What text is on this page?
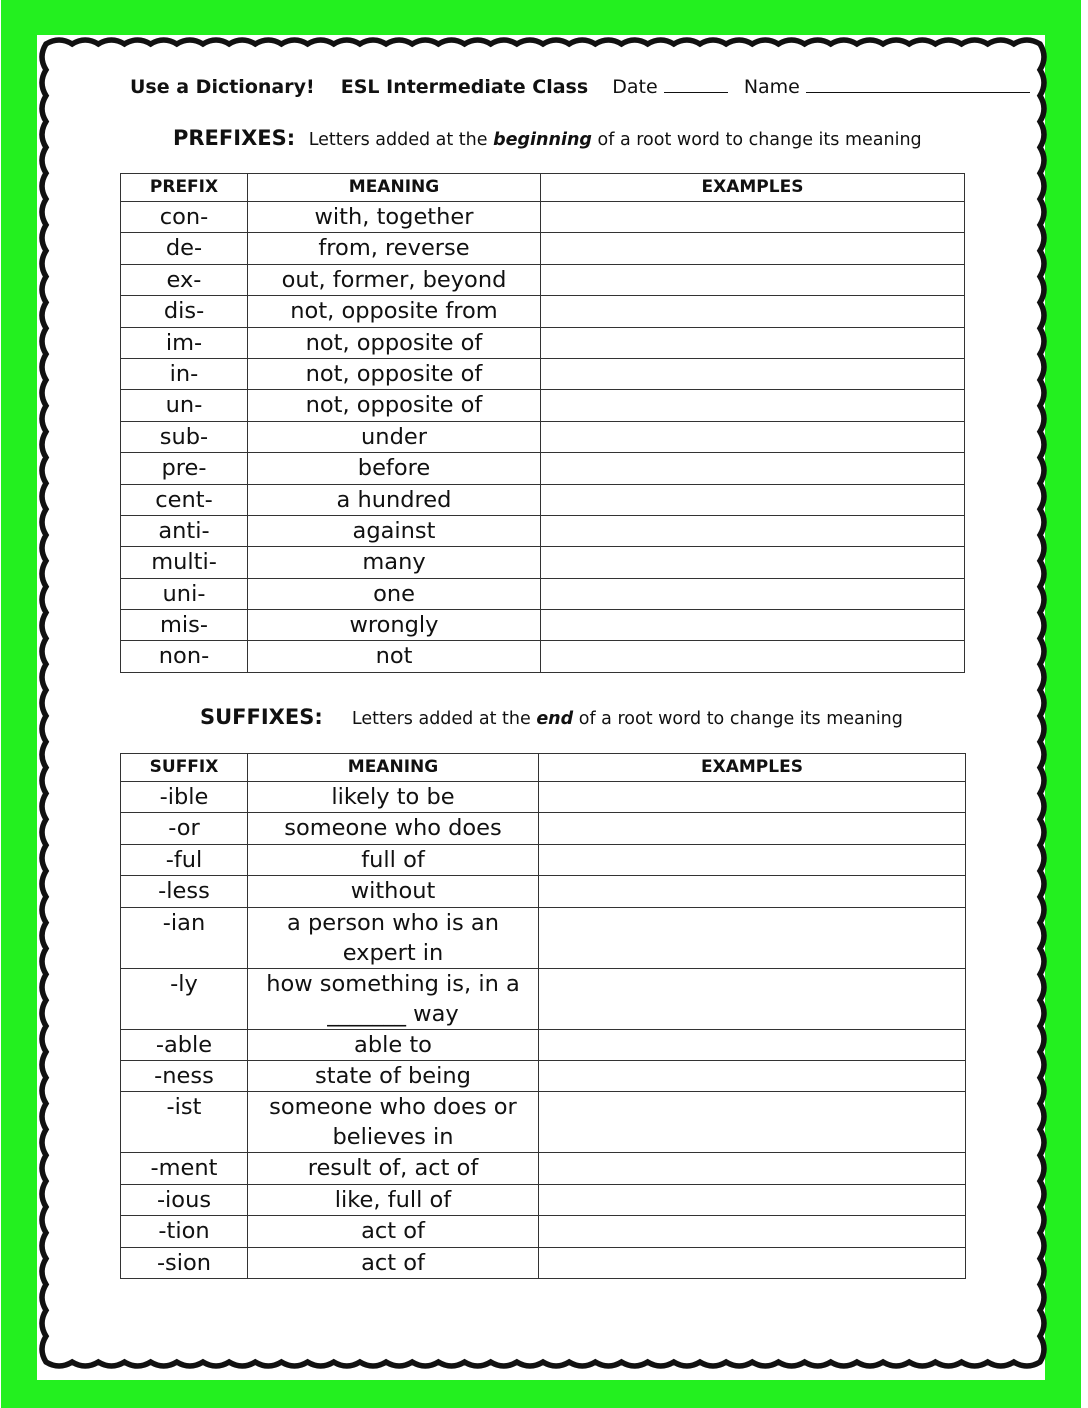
Use a Dictionary! ESL Intermediate Class Date	Name
PREFIXES: Letters added at the beginning of a root word to change its meaning
PREFIX	MEANING	EXAMPLES
con-	with, together	
de-	from, reverse	
ex-	out, former, beyond	
dis-	not, opposite from	
im-	not, opposite of	
in-	not, opposite of	
un-	not, opposite of	
sub-	under	
pre-	before	
cent-	a hundred	
anti-	against	
multi-	many	
uni-	one	
mis-	wrongly	
non-	not	
SUFFIXES: Letters added at the end of a root word to change its meaning
SUFFIX	MEANING	EXAMPLES
-ible	likely to be	
-or	someone who does	
-ful	full of	
-less	without	
-ian	a person who is an expert in	
-ly	how something is, in a _______ way	
-able	able to	
-ness	state of being	
-ist	someone who does or believes in	
-ment	result of, act of	
-ious	like, full of	
-tion	act of	
-sion	act of	
